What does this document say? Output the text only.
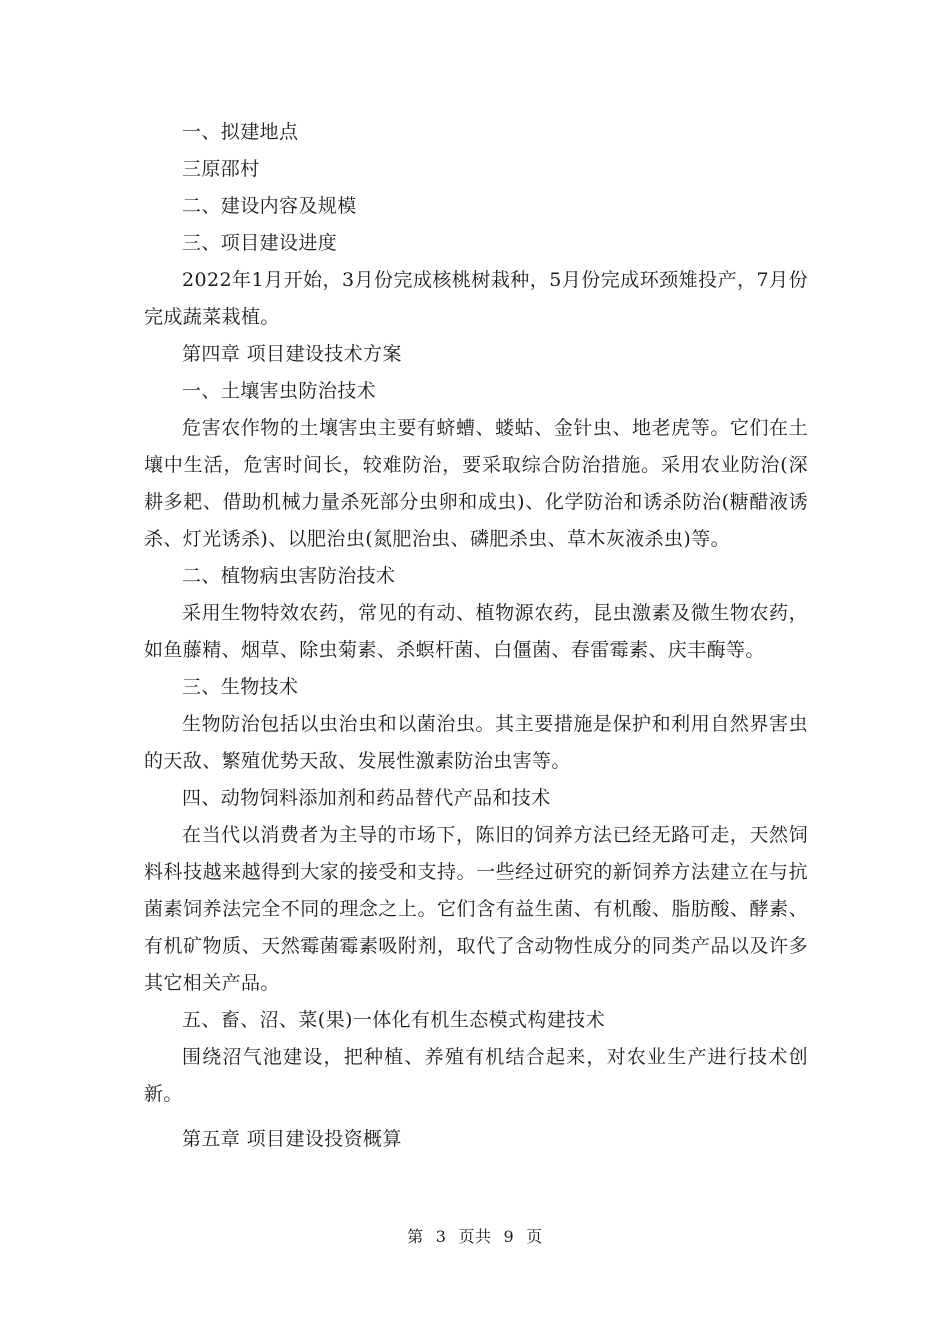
一、拟建地点

三原邵村

二、建设内容及规模

三、项目建设进度

2022年1月开始，3月份完成核桃树栽种，5月份完成环颈雉投产，7月份完成蔬菜栽植。

第四章 项目建设技术方案

一、土壤害虫防治技术

危害农作物的土壤害虫主要有蛴螬、蝼蛄、金针虫、地老虎等。它们在土壤中生活，危害时间长，较难防治，要采取综合防治措施。采用农业防治(深耕多耙、借助机械力量杀死部分虫卵和成虫)、化学防治和诱杀防治(糖醋液诱杀、灯光诱杀)、以肥治虫(氮肥治虫、磷肥杀虫、草木灰液杀虫)等。

二、植物病虫害防治技术

采用生物特效农药，常见的有动、植物源农药，昆虫激素及微生物农药，如鱼藤精、烟草、除虫菊素、杀螟杆菌、白僵菌、春雷霉素、庆丰酶等。

三、生物技术

生物防治包括以虫治虫和以菌治虫。其主要措施是保护和利用自然界害虫的天敌、繁殖优势天敌、发展性激素防治虫害等。

四、动物饲料添加剂和药品替代产品和技术

在当代以消费者为主导的市场下，陈旧的饲养方法已经无路可走，天然饲料科技越来越得到大家的接受和支持。一些经过研究的新饲养方法建立在与抗菌素饲养法完全不同的理念之上。它们含有益生菌、有机酸、脂肪酸、酵素、有机矿物质、天然霉菌霉素吸附剂，取代了含动物性成分的同类产品以及许多其它相关产品。

五、畜、沼、菜(果)一体化有机生态模式构建技术

围绕沼气池建设，把种植、养殖有机结合起来，对农业生产进行技术创新。

第五章 项目建设投资概算

第 3 页共 9 页
